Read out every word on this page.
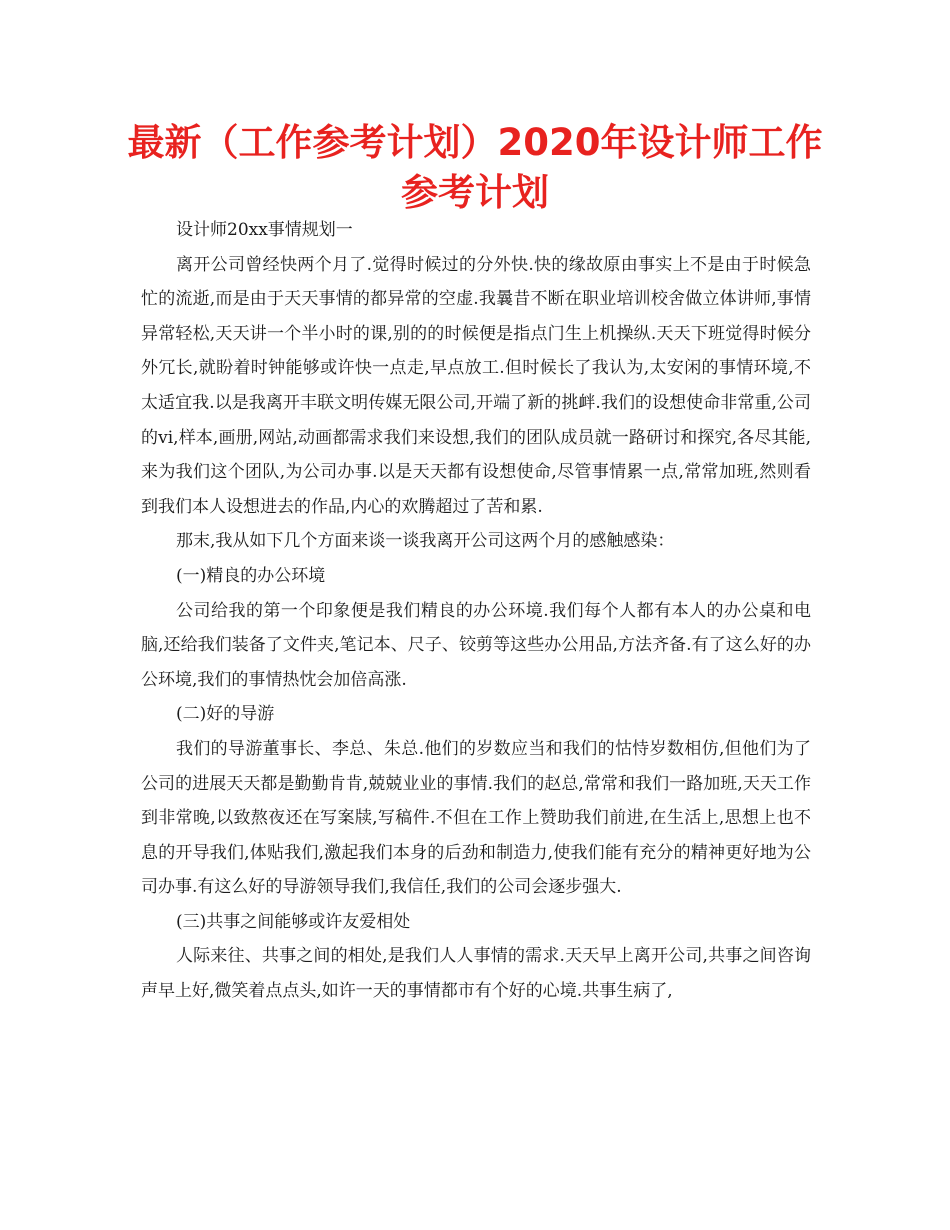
最新（工作参考计划）2020年设计师工作参考计划

设计师20xx事情规划一

离开公司曾经快两个月了.觉得时候过的分外快.快的缘故原由事实上不是由于时候急忙的流逝,而是由于天天事情的都异常的空虚.我曩昔不断在职业培训校舍做立体讲师,事情异常轻松,天天讲一个半小时的课,别的的时候便是指点门生上机操纵.天天下班觉得时候分外冗长,就盼着时钟能够或许快一点走,早点放工.但时候长了我认为,太安闲的事情环境,不太适宜我.以是我离开丰联文明传媒无限公司,开端了新的挑衅.我们的设想使命非常重,公司的vi,样本,画册,网站,动画都需求我们来设想,我们的团队成员就一路研讨和探究,各尽其能,来为我们这个团队,为公司办事.以是天天都有设想使命,尽管事情累一点,常常加班,然则看到我们本人设想进去的作品,内心的欢腾超过了苦和累.

那末,我从如下几个方面来谈一谈我离开公司这两个月的感触感染：

(一)精良的办公环境

公司给我的第一个印象便是我们精良的办公环境.我们每个人都有本人的办公桌和电脑,还给我们装备了文件夹,笔记本、尺子、铰剪等这些办公用品,方法齐备.有了这么好的办公环境,我们的事情热忱会加倍高涨.

(二)好的导游

我们的导游董事长、李总、朱总.他们的岁数应当和我们的怙恃岁数相仿,但他们为了公司的进展天天都是勤勤肯肯,兢兢业业的事情.我们的赵总,常常和我们一路加班,天天工作到非常晚,以致熬夜还在写案牍,写稿件.不但在工作上赞助我们前进,在生活上,思想上也不息的开导我们,体贴我们,激起我们本身的后劲和制造力,使我们能有充分的精神更好地为公司办事.有这么好的导游领导我们,我信任,我们的公司会逐步强大.

(三)共事之间能够或许友爱相处

人际来往、共事之间的相处,是我们人人事情的需求.天天早上离开公司,共事之间咨询声早上好,微笑着点点头,如许一天的事情都市有个好的心境.共事生病了,
